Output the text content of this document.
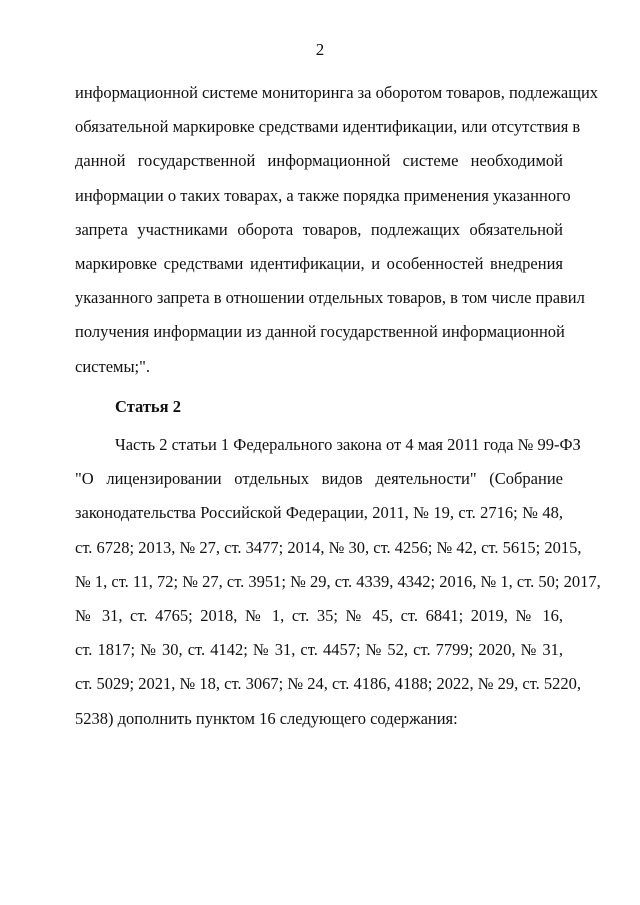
2
информационной системе мониторинга за оборотом товаров, подлежащих
обязательной маркировке средствами идентификации, или отсутствия в
данной государственной информационной системе необходимой
информации о таких товарах, а также порядка применения указанного
запрета участниками оборота товаров, подлежащих обязательной
маркировке средствами идентификации, и особенностей внедрения
указанного запрета в отношении отдельных товаров, в том числе правил
получения информации из данной государственной информационной
системы;".
Статья 2
Часть 2 статьи 1 Федерального закона от 4 мая 2011 года № 99-ФЗ
"О лицензировании отдельных видов деятельности" (Собрание
законодательства Российской Федерации, 2011, № 19, ст. 2716; № 48,
ст. 6728; 2013, № 27, ст. 3477; 2014, № 30, ст. 4256; № 42, ст. 5615; 2015,
№ 1, ст. 11, 72; № 27, ст. 3951; № 29, ст. 4339, 4342; 2016, № 1, ст. 50; 2017,
№ 31, ст. 4765; 2018, № 1, ст. 35; № 45, ст. 6841; 2019, № 16,
ст. 1817; № 30, ст. 4142; № 31, ст. 4457; № 52, ст. 7799; 2020, № 31,
ст. 5029; 2021, № 18, ст. 3067; № 24, ст. 4186, 4188; 2022, № 29, ст. 5220,
5238) дополнить пунктом 16 следующего содержания:
